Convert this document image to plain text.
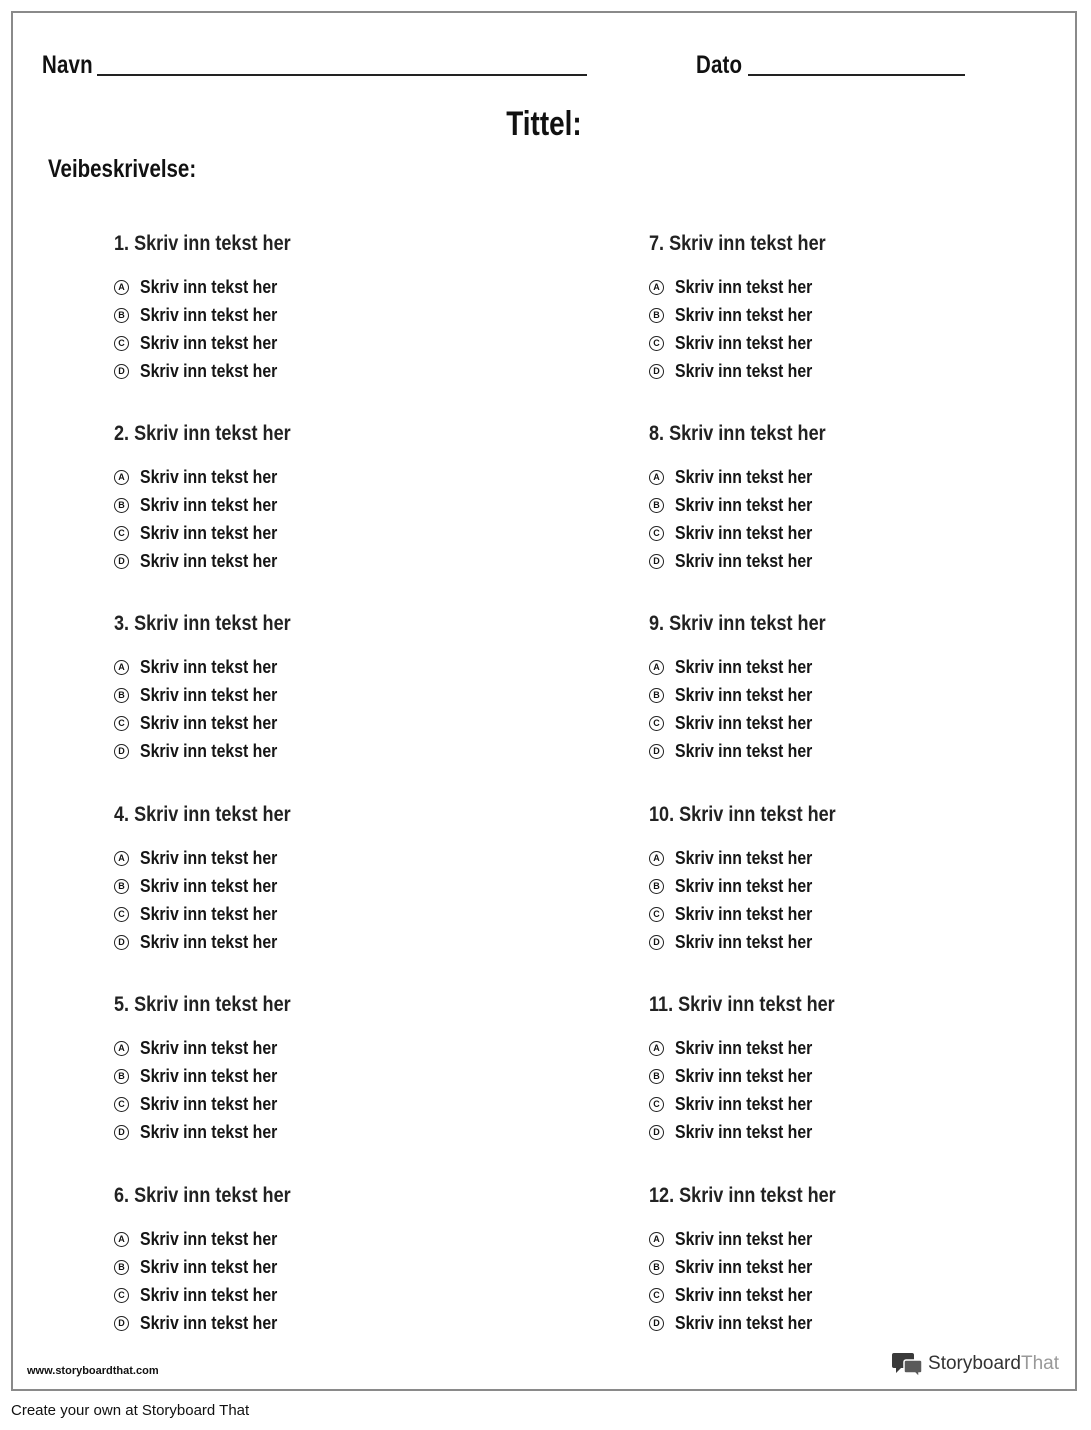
Navn	Dato
Tittel:
Veibeskrivelse:
1. Skriv inn tekst her
A Skriv inn tekst her
B Skriv inn tekst her
C Skriv inn tekst her
D Skriv inn tekst her
2. Skriv inn tekst her
A Skriv inn tekst her
B Skriv inn tekst her
C Skriv inn tekst her
D Skriv inn tekst her
3. Skriv inn tekst her
A Skriv inn tekst her
B Skriv inn tekst her
C Skriv inn tekst her
D Skriv inn tekst her
4. Skriv inn tekst her
A Skriv inn tekst her
B Skriv inn tekst her
C Skriv inn tekst her
D Skriv inn tekst her
5. Skriv inn tekst her
A Skriv inn tekst her
B Skriv inn tekst her
C Skriv inn tekst her
D Skriv inn tekst her
6. Skriv inn tekst her
A Skriv inn tekst her
B Skriv inn tekst her
C Skriv inn tekst her
D Skriv inn tekst her
7. Skriv inn tekst her
A Skriv inn tekst her
B Skriv inn tekst her
C Skriv inn tekst her
D Skriv inn tekst her
8. Skriv inn tekst her
A Skriv inn tekst her
B Skriv inn tekst her
C Skriv inn tekst her
D Skriv inn tekst her
9. Skriv inn tekst her
A Skriv inn tekst her
B Skriv inn tekst her
C Skriv inn tekst her
D Skriv inn tekst her
10. Skriv inn tekst her
A Skriv inn tekst her
B Skriv inn tekst her
C Skriv inn tekst her
D Skriv inn tekst her
11. Skriv inn tekst her
A Skriv inn tekst her
B Skriv inn tekst her
C Skriv inn tekst her
D Skriv inn tekst her
12. Skriv inn tekst her
A Skriv inn tekst her
B Skriv inn tekst her
C Skriv inn tekst her
D Skriv inn tekst her
www.storyboardthat.com	Storyboard That
Create your own at Storyboard That
